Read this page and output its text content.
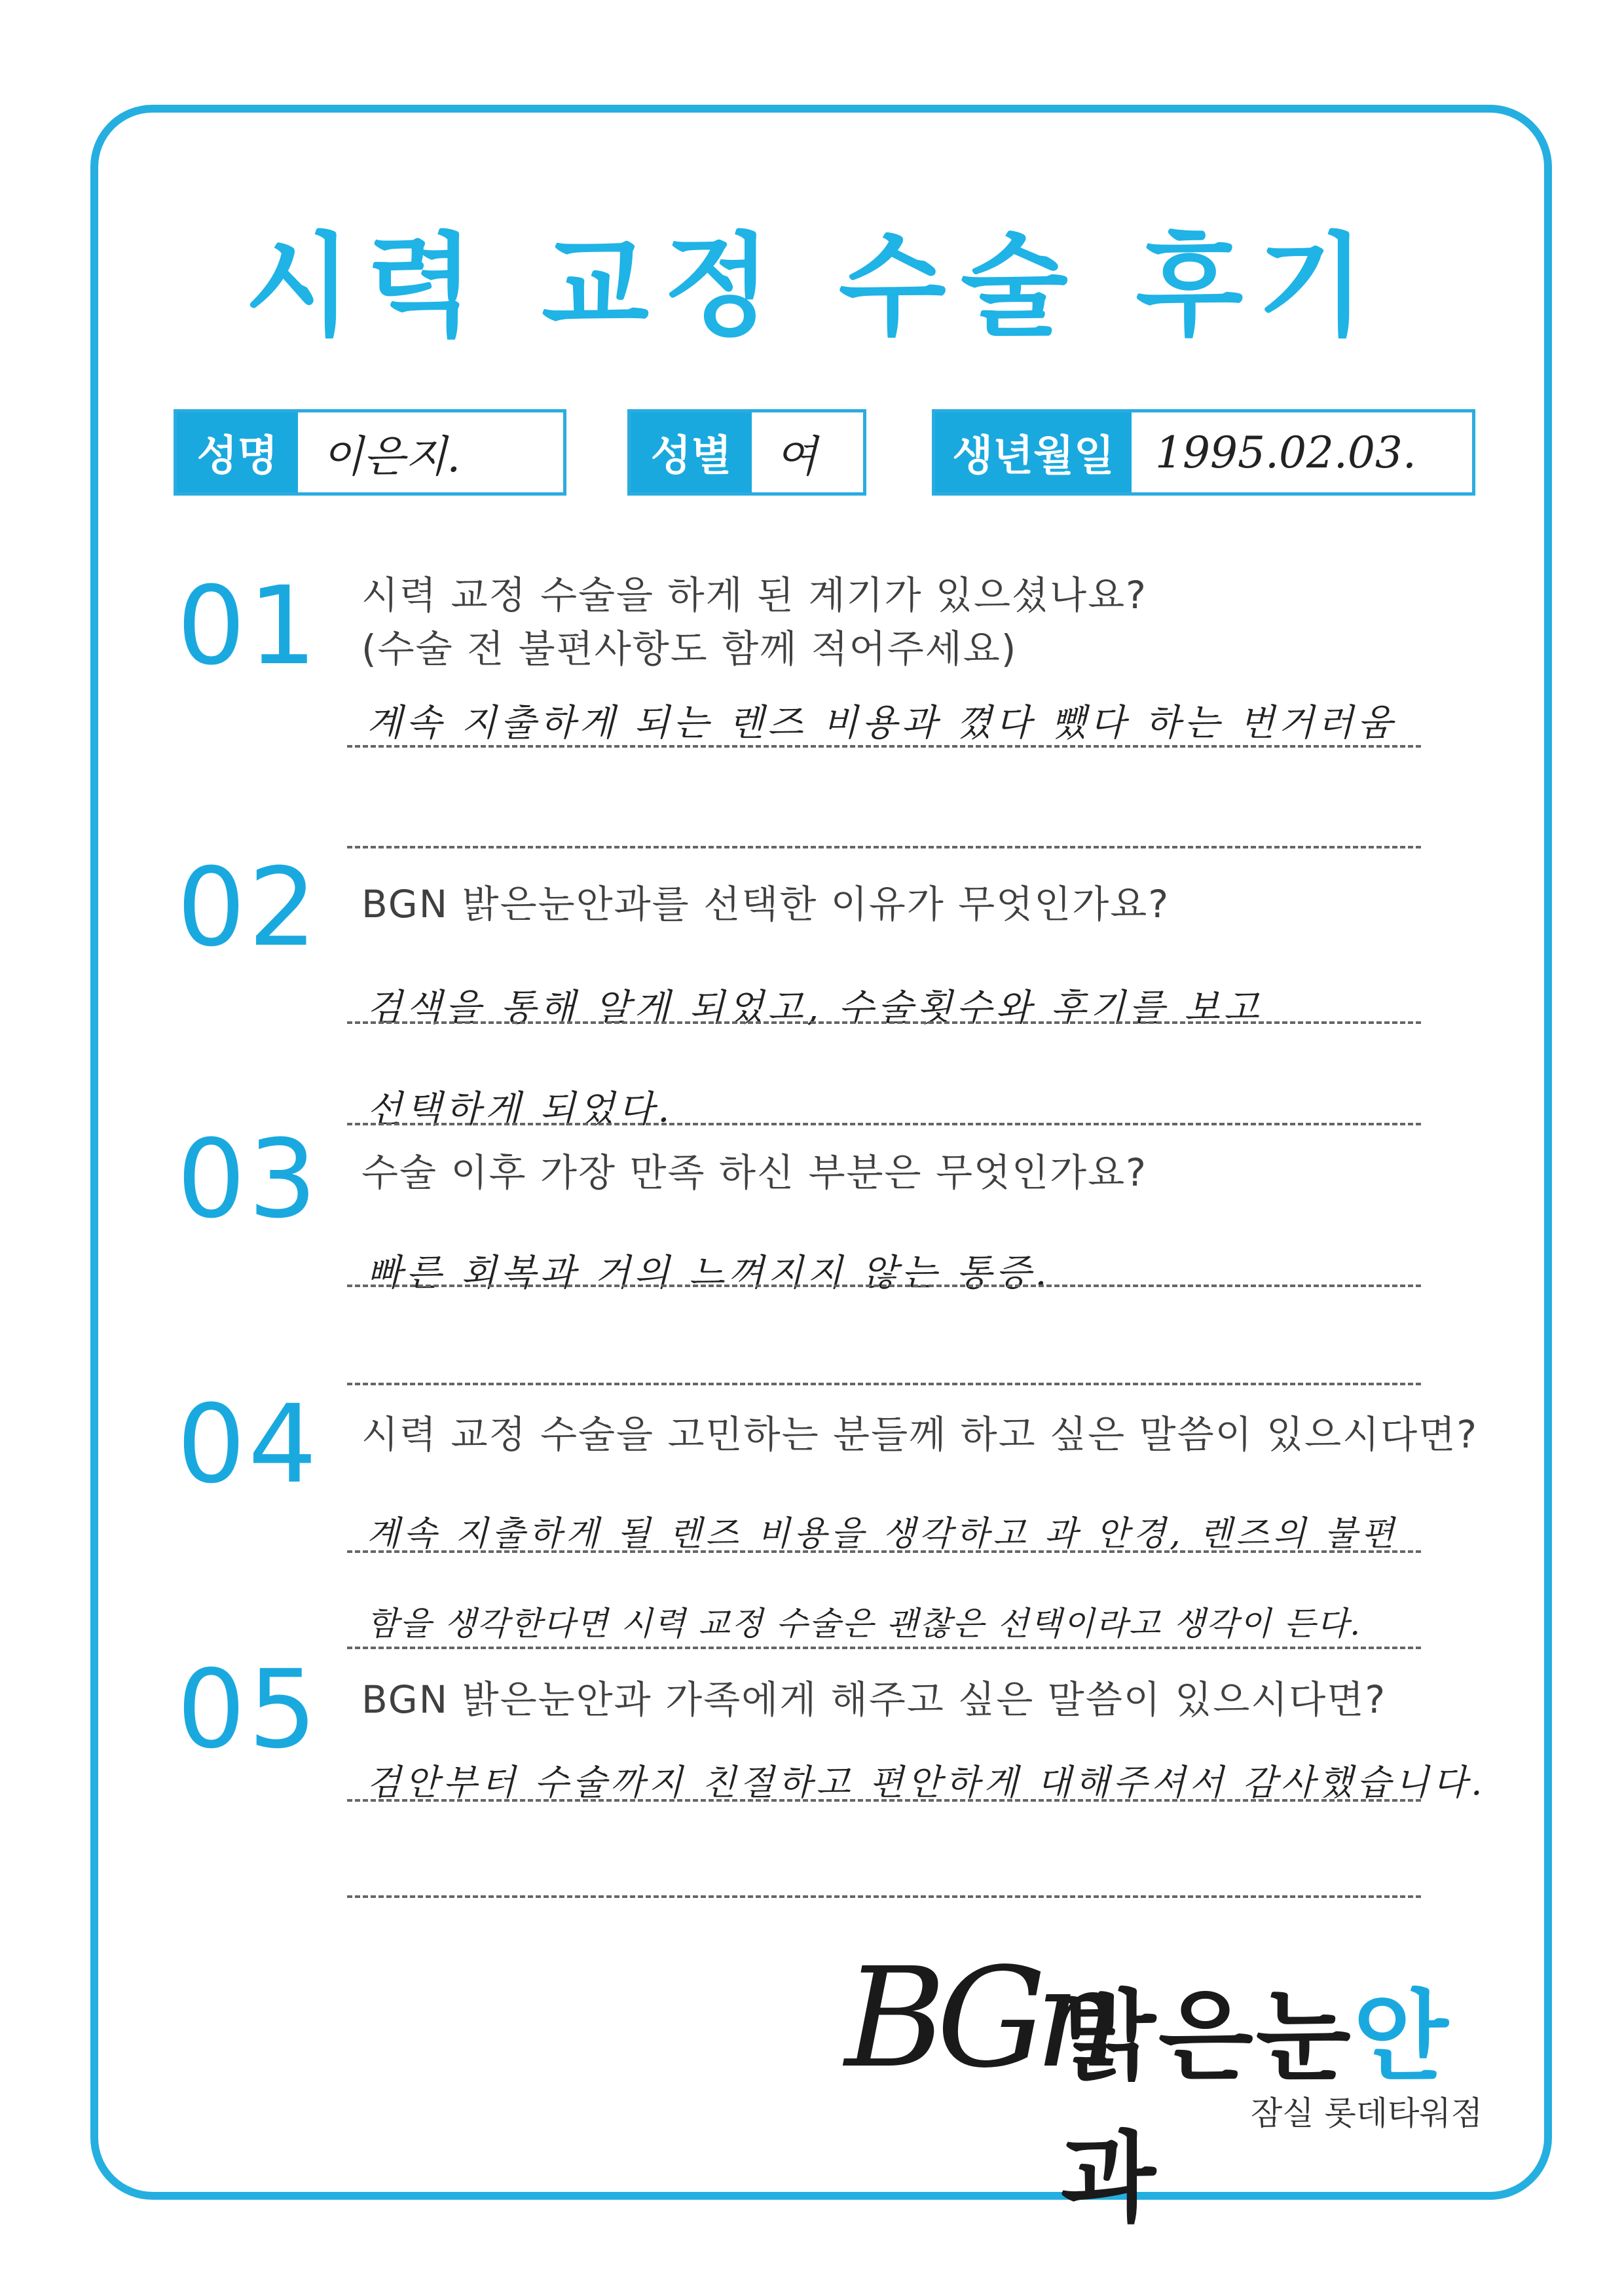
시력 교정 수술 후기
성명	이은지.	성별	여	생년월일 1995.02.03.
01 시력 교정 수술을 하게 된 계기가 있으셨나요?
(수술 전 불편사항도 함께 적어주세요)
계속 지출하게 되는 렌즈 비용과 꼈다 뺐다 하는 번거러움
02 BGN 밝은눈안과를 선택한 이유가 무엇인가요?
검색을 통해 알게 되었고, 수술횟수와 후기를 보고
선택하게 되었다.
03 수술 이후 가장 만족 하신 부분은 무엇인가요?
빠른 회복과 거의 느껴지지 않는 통증.
04 시력 교정 수술을 고민하는 분들께 하고 싶은 말씀이 있으시다면?
계속 지출하게 될 렌즈 비용을 생각하고 과 안경, 렌즈의 불편
함을 생각한다면 시력 교정 수술은 괜찮은 선택이라고 생각이 든다.
05 BGN 밝은눈안과 가족에게 해주고 싶은 말씀이 있으시다면?
검안부터 수술까지 친절하고 편안하게 대해주셔서 감사했습니다.
BGn
밝은눈안과
잠실 롯데타워점
